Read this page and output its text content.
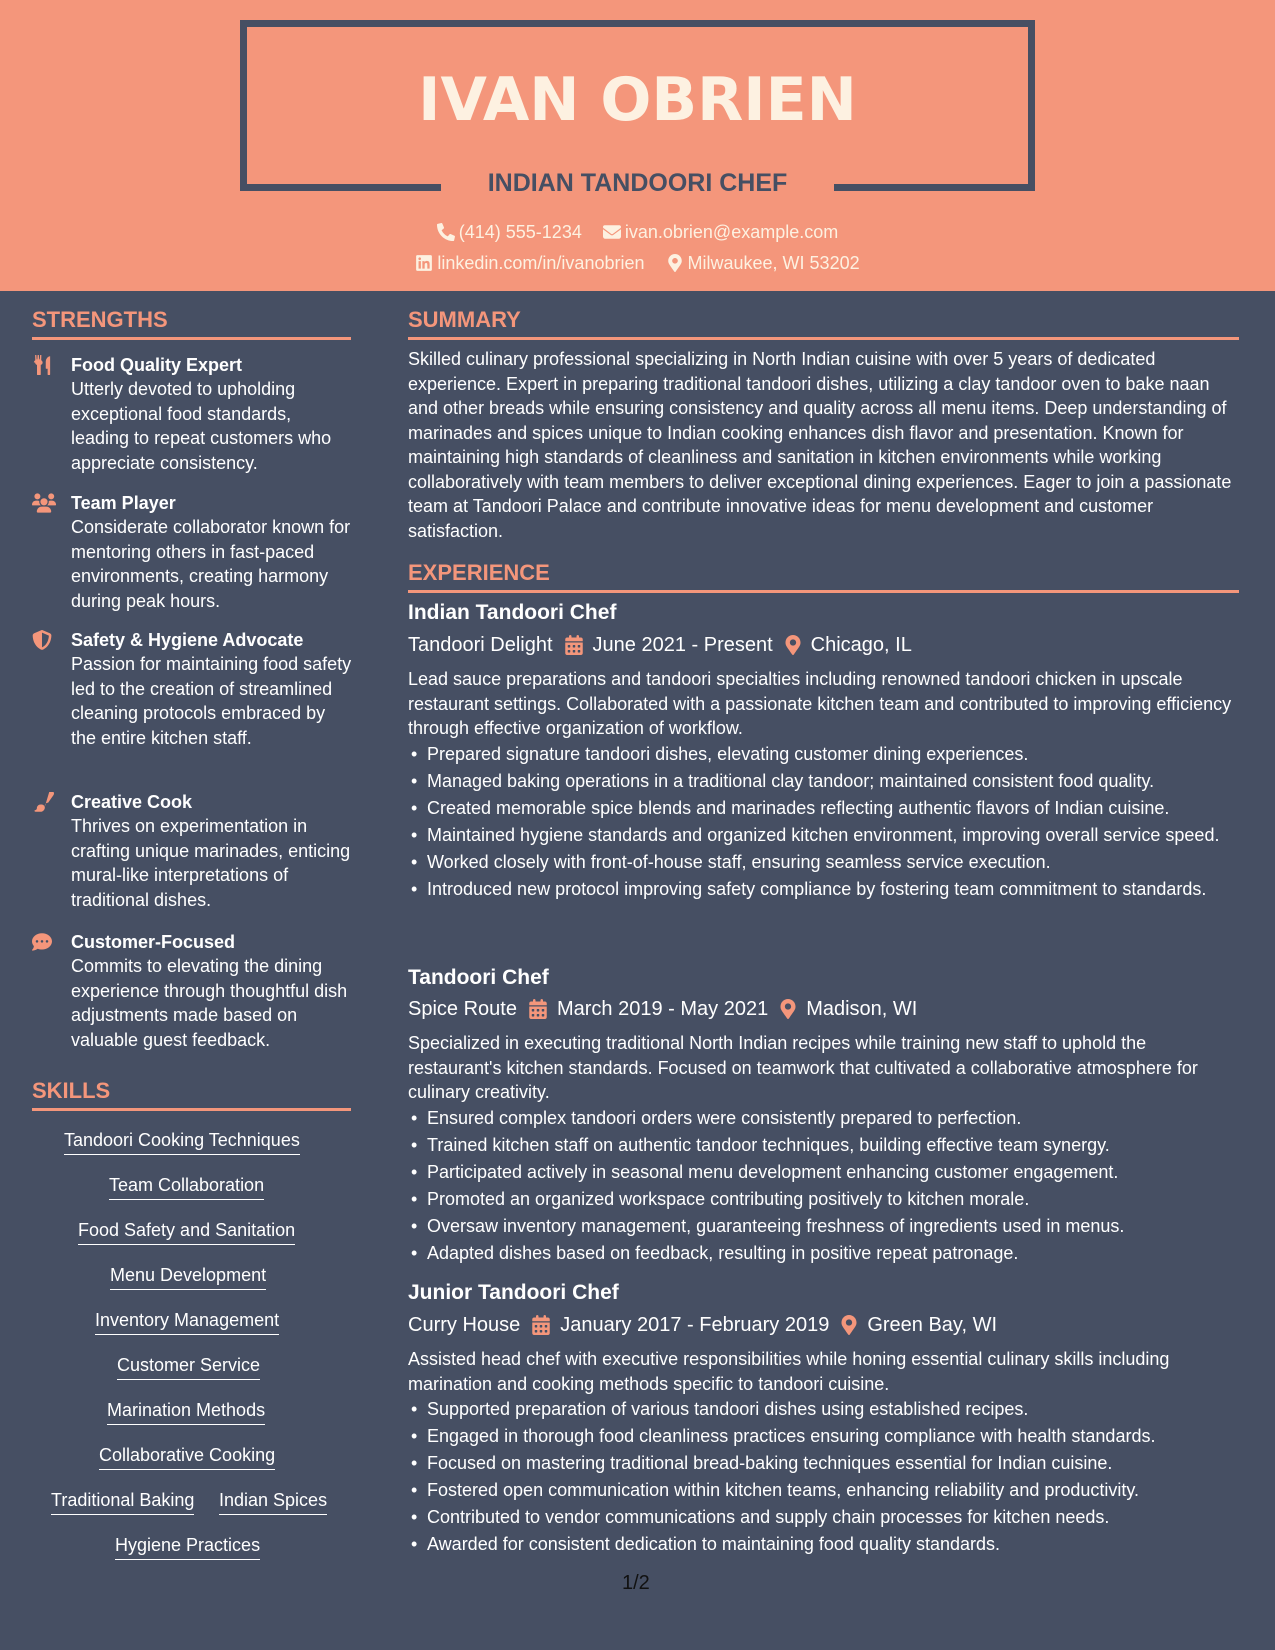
IVAN OBRIEN
INDIAN TANDOORI CHEF
(414) 555-1234
ivan.obrien@example.com
linkedin.com/in/ivanobrien
Milwaukee, WI 53202
STRENGTHS
Food Quality Expert
Utterly devoted to upholding exceptional food standards, leading to repeat customers who appreciate consistency.
Team Player
Considerate collaborator known for mentoring others in fast-paced environments, creating harmony during peak hours.
Safety & Hygiene Advocate
Passion for maintaining food safety led to the creation of streamlined cleaning protocols embraced by the entire kitchen staff.
Creative Cook
Thrives on experimentation in crafting unique marinades, enticing mural-like interpretations of traditional dishes.
Customer-Focused
Commits to elevating the dining experience through thoughtful dish adjustments made based on valuable guest feedback.
SKILLS
Tandoori Cooking Techniques
Team Collaboration
Food Safety and Sanitation
Menu Development
Inventory Management
Customer Service
Marination Methods
Collaborative Cooking
Traditional Baking Indian Spices
Hygiene Practices
SUMMARY
Skilled culinary professional specializing in North Indian cuisine with over 5 years of dedicated experience. Expert in preparing traditional tandoori dishes, utilizing a clay tandoor oven to bake naan and other breads while ensuring consistency and quality across all menu items. Deep understanding of marinades and spices unique to Indian cooking enhances dish flavor and presentation. Known for maintaining high standards of cleanliness and sanitation in kitchen environments while working collaboratively with team members to deliver exceptional dining experiences. Eager to join a passionate team at Tandoori Palace and contribute innovative ideas for menu development and customer satisfaction.
EXPERIENCE
Indian Tandoori Chef
Tandoori Delight June 2021 - Present Chicago, IL
Lead sauce preparations and tandoori specialties including renowned tandoori chicken in upscale restaurant settings. Collaborated with a passionate kitchen team and contributed to improving efficiency through effective organization of workflow.
• Prepared signature tandoori dishes, elevating customer dining experiences.
• Managed baking operations in a traditional clay tandoor; maintained consistent food quality.
• Created memorable spice blends and marinades reflecting authentic flavors of Indian cuisine.
• Maintained hygiene standards and organized kitchen environment, improving overall service speed.
• Worked closely with front-of-house staff, ensuring seamless service execution.
• Introduced new protocol improving safety compliance by fostering team commitment to standards.
Tandoori Chef
Spice Route March 2019 - May 2021 Madison, WI
Specialized in executing traditional North Indian recipes while training new staff to uphold the restaurant's kitchen standards. Focused on teamwork that cultivated a collaborative atmosphere for culinary creativity.
• Ensured complex tandoori orders were consistently prepared to perfection.
• Trained kitchen staff on authentic tandoor techniques, building effective team synergy.
• Participated actively in seasonal menu development enhancing customer engagement.
• Promoted an organized workspace contributing positively to kitchen morale.
• Oversaw inventory management, guaranteeing freshness of ingredients used in menus.
• Adapted dishes based on feedback, resulting in positive repeat patronage.
Junior Tandoori Chef
Curry House January 2017 - February 2019 Green Bay, WI
Assisted head chef with executive responsibilities while honing essential culinary skills including marination and cooking methods specific to tandoori cuisine.
• Supported preparation of various tandoori dishes using established recipes.
• Engaged in thorough food cleanliness practices ensuring compliance with health standards.
• Focused on mastering traditional bread-baking techniques essential for Indian cuisine.
• Fostered open communication within kitchen teams, enhancing reliability and productivity.
• Contributed to vendor communications and supply chain processes for kitchen needs.
• Awarded for consistent dedication to maintaining food quality standards.
1/2
